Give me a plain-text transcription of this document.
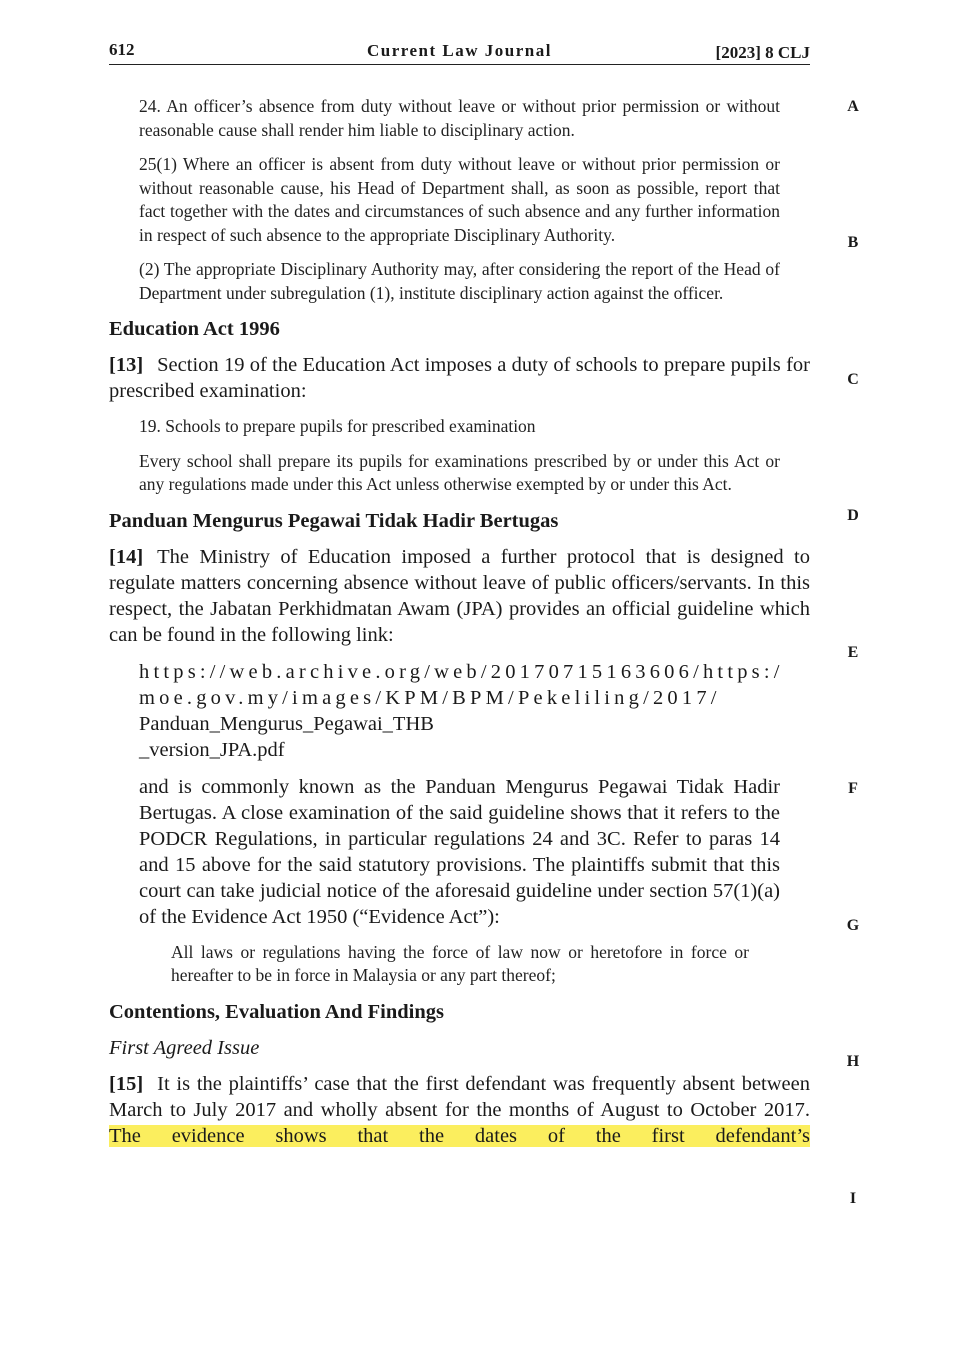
612	Current Law Journal	[2023] 8 CLJ
A
B
C
D
E
F
G
H
I
24. An officer’s absence from duty without leave or without prior permission or without reasonable cause shall render him liable to disciplinary action.
25(1) Where an officer is absent from duty without leave or without prior permission or without reasonable cause, his Head of Department shall, as soon as possible, report that fact together with the dates and circumstances of such absence and any further information in respect of such absence to the appropriate Disciplinary Authority.
(2) The appropriate Disciplinary Authority may, after considering the report of the Head of Department under subregulation (1), institute disciplinary action against the officer.
Education Act 1996
[13] Section 19 of the Education Act imposes a duty of schools to prepare pupils for prescribed examination:
19. Schools to prepare pupils for prescribed examination
Every school shall prepare its pupils for examinations prescribed by or under this Act or any regulations made under this Act unless otherwise exempted by or under this Act.
Panduan Mengurus Pegawai Tidak Hadir Bertugas
[14] The Ministry of Education imposed a further protocol that is designed to regulate matters concerning absence without leave of public officers/servants. In this respect, the Jabatan Perkhidmatan Awam (JPA) provides an official guideline which can be found in the following link:
https://web.archive.org/web/20170715163606/https:/
moe.gov.my/images/KPM/BPM/Pekeliling/2017/
Panduan_Mengurus_Pegawai_THB
_version_JPA.pdf
and is commonly known as the Panduan Mengurus Pegawai Tidak Hadir Bertugas. A close examination of the said guideline shows that it refers to the PODCR Regulations, in particular regulations 24 and 3C. Refer to paras 14 and 15 above for the said statutory provisions. The plaintiffs submit that this court can take judicial notice of the aforesaid guideline under section 57(1)(a) of the Evidence Act 1950 (“Evidence Act”):
All laws or regulations having the force of law now or heretofore in force or hereafter to be in force in Malaysia or any part thereof;
Contentions, Evaluation And Findings
First Agreed Issue
[15] It is the plaintiffs’ case that the first defendant was frequently absent between March to July 2017 and wholly absent for the months of August to October 2017. The evidence shows that the dates of the first defendant’s
